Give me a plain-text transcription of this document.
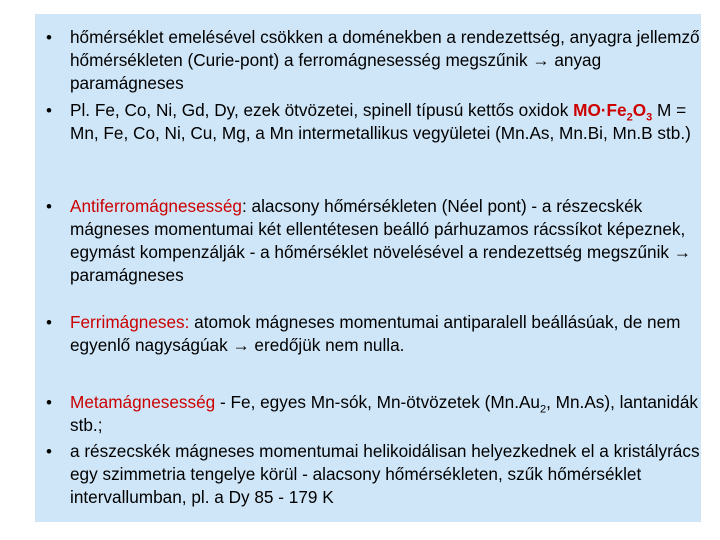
• hőmérséklet emelésével csökken a doménekben a rendezettség, anyagra jellemző hőmérsékleten (Curie-pont) a ferromágnesesség megszűnik → anyag paramágneses
• Pl. Fe, Co, Ni, Gd, Dy, ezek ötvözetei, spinell típusú kettős oxidok $MO\cdot Fe_2O_3$ M = Mn, Fe, Co, Ni, Cu, Mg, a Mn intermetallikus vegyületei (Mn.As, Mn.Bi, Mn.B stb.)
• Antiferromágnesesség: alacsony hőmérsékleten (Néel pont) - a részecskék mágneses momentumai két ellentétesen beálló párhuzamos rácssíkot képeznek, egymást kompenzálják - a hőmérséklet növelésével a rendezettség megszűnik → paramágneses
• Ferrimágneses: atomok mágneses momentumai antiparalell beállásúak, de nem egyenlő nagyságúak → eredőjük nem nulla.
• Metamágnesesség - Fe, egyes Mn-sók, Mn-ötvözetek ($Mn.Au_2$, Mn.As), lantanidák stb.;
• a részecskék mágneses momentumai helikoidálisan helyezkednek el a kristályrács egy szimmetria tengelye körül - alacsony hőmérsékleten, szűk hőmérséklet intervallumban, pl. a Dy 85 - 179 K
